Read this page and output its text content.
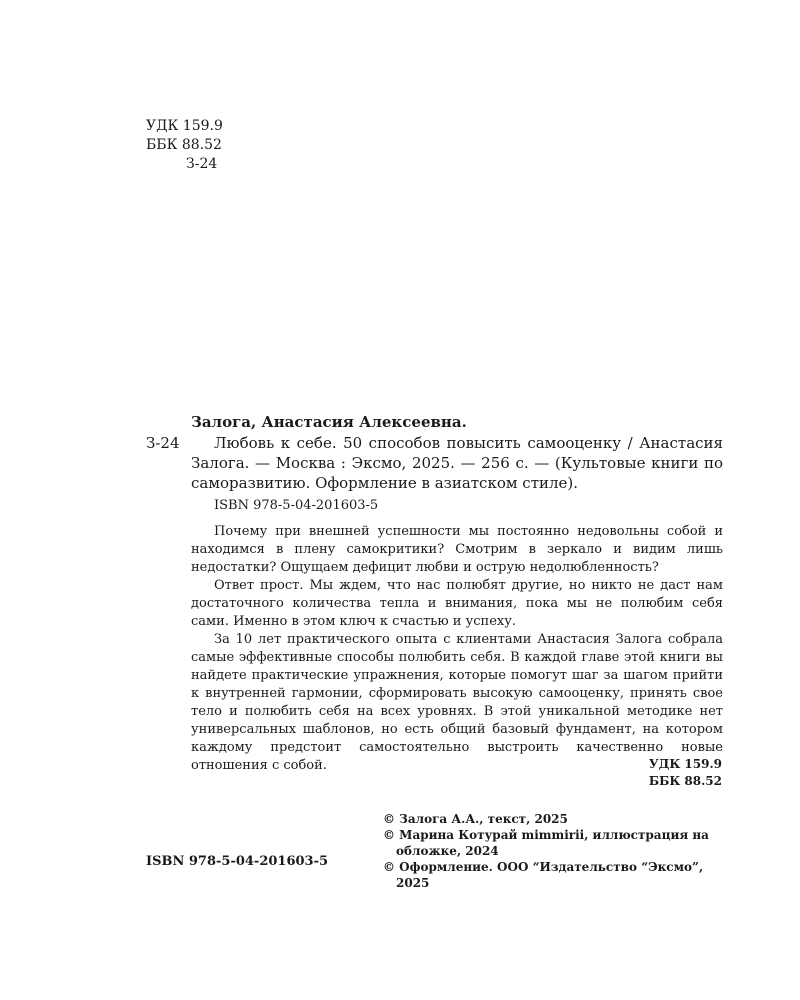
УДК 159.9
ББК 88.52
З-24
Залога, Анастасия Алексеевна.
З-24	Любовь к себе. 50 способов повысить самооценку / Анастасия Залога. — Москва : Эксмо, 2025. — 256 с. — (Культовые книги по саморазвитию. Оформление в азиатском стиле).

ISBN 978-5-04-201603-5

Почему при внешней успешности мы постоянно недовольны собой и находимся в плену самокритики? Смотрим в зеркало и видим лишь недостатки? Ощущаем дефицит любви и острую недолюбленность?

Ответ прост. Мы ждем, что нас полюбят другие, но никто не даст нам достаточного количества тепла и внимания, пока мы не полюбим себя сами. Именно в этом ключ к счастью и успеху.

За 10 лет практического опыта с клиентами Анастасия Залога собрала самые эффективные способы полюбить себя. В каждой главе этой книги вы найдете практические упражнения, которые помогут шаг за шагом прийти к внутренней гармонии, сформировать высокую самооценку, принять свое тело и полюбить себя на всех уровнях. В этой уникальной методике нет универсальных шаблонов, но есть общий базовый фундамент, на котором каждому предстоит самостоятельно выстроить качественно новые отношения с собой.	УДК 159.9
ББК 88.52
ISBN 978-5-04-201603-5
© Залога А.А., текст, 2025
© Марина Котурай mimmirii, иллюстрация на обложке, 2024
© Оформление. ООО “Издательство “Эксмо”, 2025
